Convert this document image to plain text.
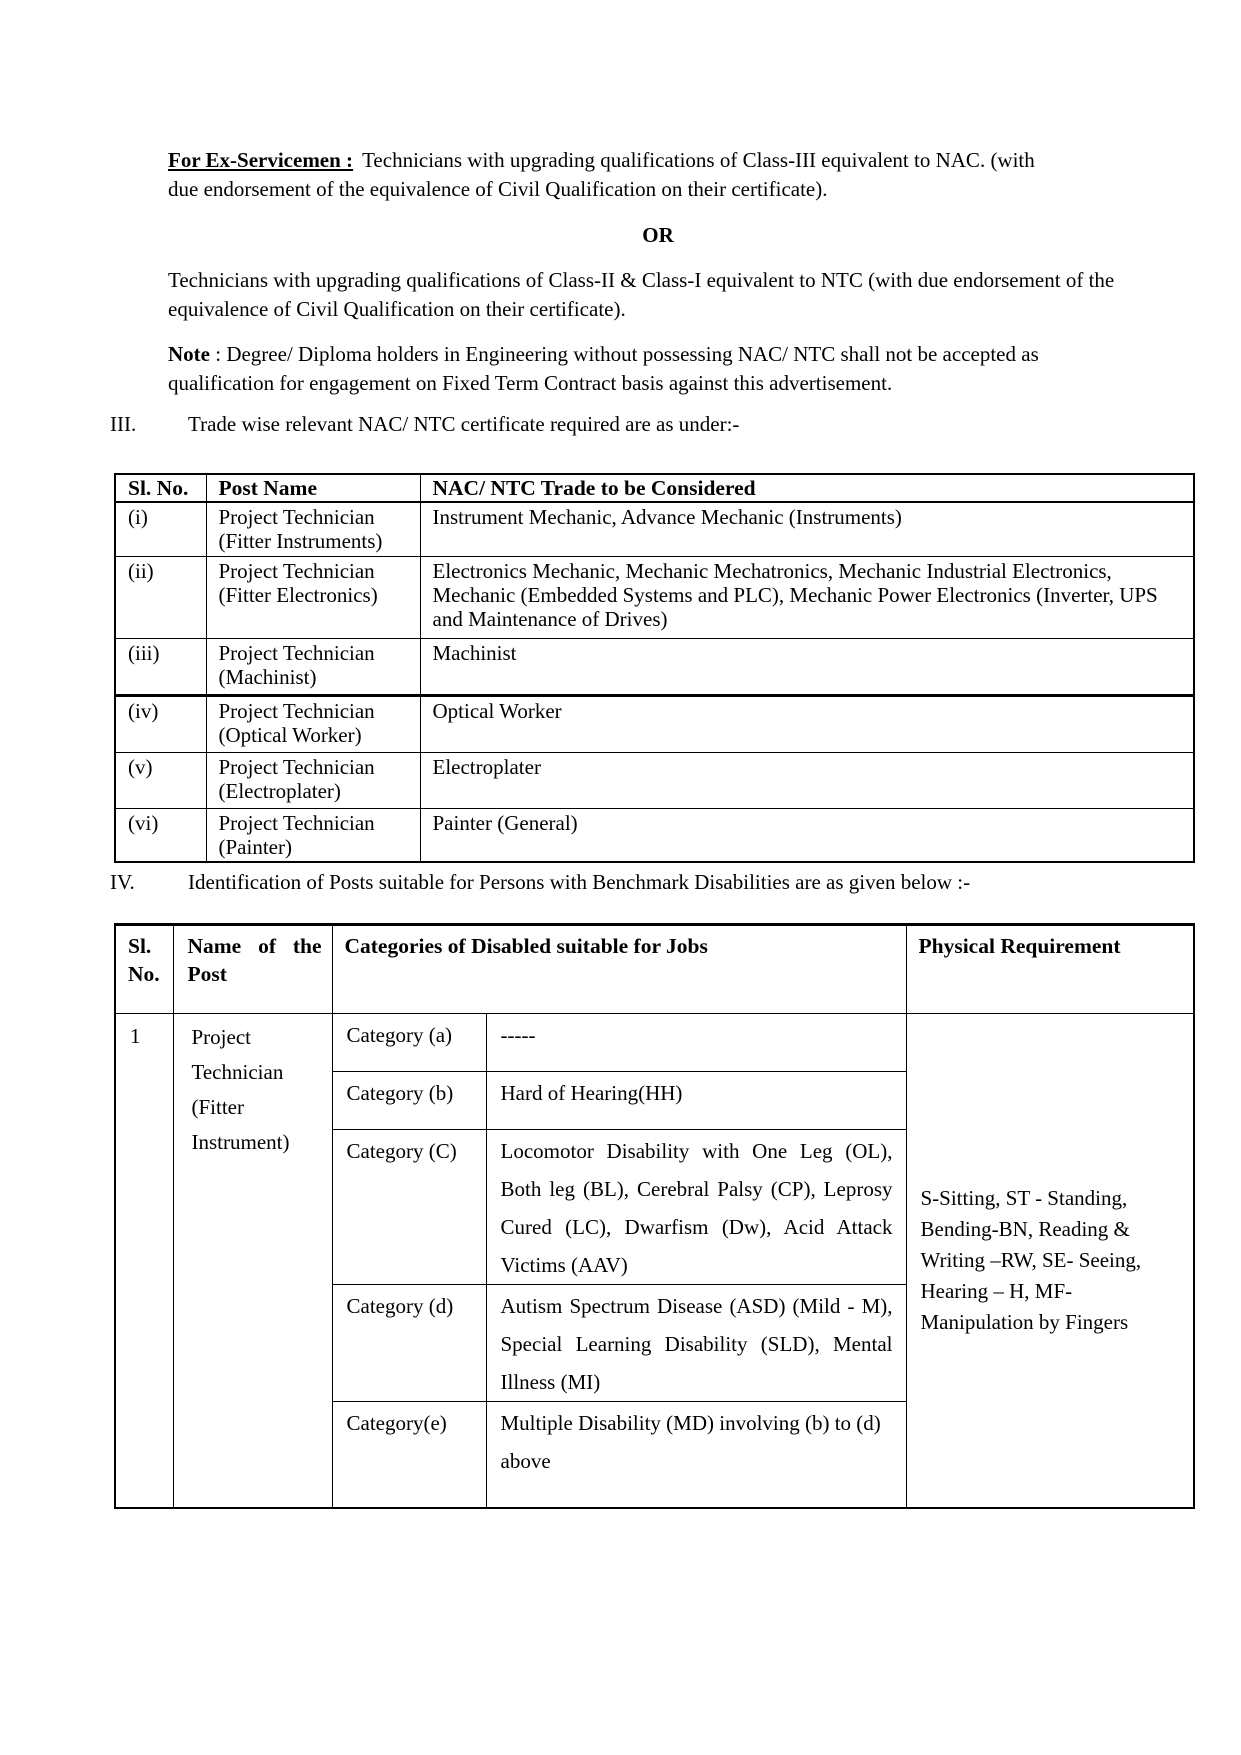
For Ex-Servicemen : Technicians with upgrading qualifications of Class-III equivalent to NAC. (with due endorsement of the equivalence of Civil Qualification on their certificate).
OR
Technicians with upgrading qualifications of Class-II & Class-I equivalent to NTC (with due endorsement of the equivalence of Civil Qualification on their certificate).
Note : Degree/ Diploma holders in Engineering without possessing NAC/ NTC shall not be accepted as qualification for engagement on Fixed Term Contract basis against this advertisement.
III. Trade wise relevant NAC/ NTC certificate required are as under:-
Sl. No.	Post Name	NAC/ NTC Trade to be Considered
(i)	Project Technician (Fitter Instruments)	Instrument Mechanic, Advance Mechanic (Instruments)
(ii)	Project Technician (Fitter Electronics)	Electronics Mechanic, Mechanic Mechatronics, Mechanic Industrial Electronics, Mechanic (Embedded Systems and PLC), Mechanic Power Electronics (Inverter, UPS and Maintenance of Drives)
(iii)	Project Technician (Machinist)	Machinist
(iv)	Project Technician (Optical Worker)	Optical Worker
(v)	Project Technician (Electroplater)	Electroplater
(vi)	Project Technician (Painter)	Painter (General)
IV.	Identification of Posts suitable for Persons with Benchmark Disabilities are as given below :-
Sl. No.	Name of the Post	Categories of Disabled suitable for Jobs		Physical Requirement
1	Project Technician (Fitter Instrument)	Category (a)	-----	S-Sitting, ST - Standing, Bending-BN, Reading & Writing –RW, SE- Seeing, Hearing – H, MF- Manipulation by Fingers
		Category (b)	Hard of Hearing(HH)	
		Category (C)	Locomotor Disability with One Leg (OL), Both leg (BL), Cerebral Palsy (CP), Leprosy Cured (LC), Dwarfism (Dw), Acid Attack Victims (AAV)	
		Category (d)	Autism Spectrum Disease (ASD) (Mild - M), Special Learning Disability (SLD), Mental Illness (MI)	
		Category(e)	Multiple Disability (MD) involving (b) to (d) above	
